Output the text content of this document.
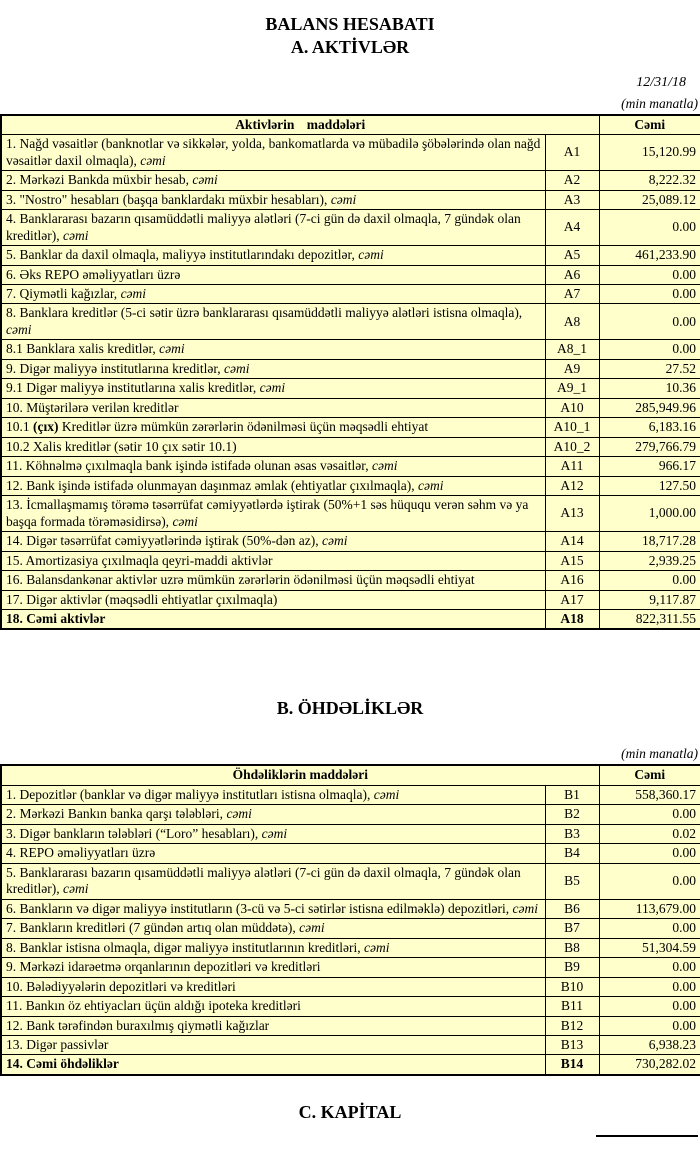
BALANS HESABATI
A. AKTİVLƏR
12/31/18
(min manatla)
Aktivlərin maddələri		Cəmi
1. Nağd vəsaitlər (banknotlar və sikkələr, yolda, bankomatlarda və mübadilə şöbələrində olan nağd vəsaitlər daxil olmaqla), cəmi	A1	15,120.99
2. Mərkəzi Bankda müxbir hesab, cəmi	A2	8,222.32
3. "Nostro" hesabları (başqa banklardakı müxbir hesabları), cəmi	A3	25,089.12
4. Banklararası bazarın qısamüddətli maliyyə alətləri (7-ci gün də daxil olmaqla, 7 gündək olan kreditlər), cəmi	A4	0.00
5. Banklar da daxil olmaqla, maliyyə institutlarındakı depozitlər, cəmi	A5	461,233.90
6. Əks REPO əməliyyatları üzrə	A6	0.00
7. Qiymətli kağızlar, cəmi	A7	0.00
8. Banklara kreditlər (5-ci sətir üzrə banklararası qısamüddətli maliyyə alətləri istisna olmaqla), cəmi	A8	0.00
8.1 Banklara xalis kreditlər, cəmi	A8_1	0.00
9. Digər maliyyə institutlarına kreditlər, cəmi	A9	27.52
9.1 Digər maliyyə institutlarına xalis kreditlər, cəmi	A9_1	10.36
10. Müştərilərə verilən kreditlər	A10	285,949.96
10.1 (çıx) Kreditlər üzrə mümkün zərərlərin ödənilməsi üçün məqsədli ehtiyat	A10_1	6,183.16
10.2 Xalis kreditlər (sətir 10 çıx sətir 10.1)	A10_2	279,766.79
11. Köhnəlmə çıxılmaqla bank işində istifadə olunan əsas vəsaitlər, cəmi	A11	966.17
12. Bank işində istifadə olunmayan daşınmaz əmlak (ehtiyatlar çıxılmaqla), cəmi	A12	127.50
13. İcmallaşmamış törəmə təsərrüfat cəmiyyətlərdə iştirak (50%+1 səs hüququ verən səhm və ya başqa formada törəməsidirsə), cəmi	A13	1,000.00
14. Digər təsərrüfat cəmiyyətlərində iştirak (50%-dən az), cəmi	A14	18,717.28
15. Amortizasiya çıxılmaqla qeyri-maddi aktivlər	A15	2,939.25
16. Balansdankənar aktivlər uzrə mümkün zərərlərin ödənilməsi üçün məqsədli ehtiyat	A16	0.00
17. Digər aktivlər (məqsədli ehtiyatlar çıxılmaqla)	A17	9,117.87
18. Cəmi aktivlər	A18	822,311.55
B. ÖHDƏLİKLƏR
(min manatla)
Öhdəliklərin maddələri		Cəmi
1. Depozitlər (banklar və digər maliyyə institutları istisna olmaqla), cəmi	B1	558,360.17
2. Mərkəzi Bankın banka qarşı tələbləri, cəmi	B2	0.00
3. Digər bankların tələbləri (“Loro” hesabları), cəmi	B3	0.02
4. REPO əməliyyatları üzrə	B4	0.00
5. Banklararası bazarın qısamüddətli maliyyə alətləri (7-ci gün də daxil olmaqla, 7 gündək olan kreditlər), cəmi	B5	0.00
6. Bankların və digər maliyyə institutların (3-cü və 5-ci sətirlər istisna edilməklə) depozitləri, cəmi	B6	113,679.00
7. Bankların kreditləri (7 gündən artıq olan müddətə), cəmi	B7	0.00
8. Banklar istisna olmaqla, digər maliyyə institutlarının kreditləri, cəmi	B8	51,304.59
9. Mərkəzi idarəetmə orqanlarının depozitləri və kreditləri	B9	0.00
10. Bələdiyyələrin depozitləri və kreditləri	B10	0.00
11. Bankın öz ehtiyacları üçün aldığı ipoteka kreditləri	B11	0.00
12. Bank tərəfindən buraxılmış qiymətli kağızlar	B12	0.00
13. Digər passivlər	B13	6,938.23
14. Cəmi öhdəliklər	B14	730,282.02
C. KAPİTAL
